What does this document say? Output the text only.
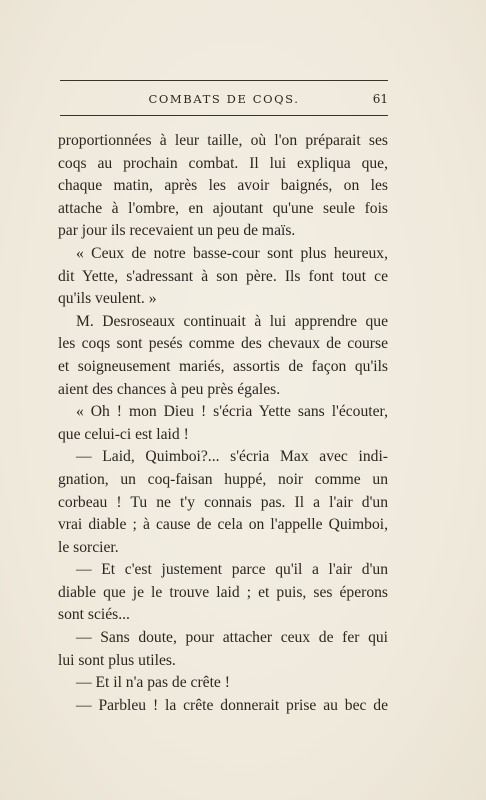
COMBATS DE COQS.	61
proportionnées à leur taille, où l'on préparait ses
coqs au prochain combat. Il lui expliqua que,
chaque matin, après les avoir baignés, on les
attache à l'ombre, en ajoutant qu'une seule fois
par jour ils recevaient un peu de maïs.
« Ceux de notre basse-cour sont plus heureux,
dit Yette, s'adressant à son père. Ils font tout ce
qu'ils veulent. »
M. Desroseaux continuait à lui apprendre que
les coqs sont pesés comme des chevaux de course
et soigneusement mariés, assortis de façon qu'ils
aient des chances à peu près égales.
« Oh ! mon Dieu ! s'écria Yette sans l'écouter,
que celui-ci est laid !
— Laid, Quimboi?... s'écria Max avec indi-
gnation, un coq-faisan huppé, noir comme un
corbeau ! Tu ne t'y connais pas. Il a l'air d'un
vrai diable ; à cause de cela on l'appelle Quimboi,
le sorcier.
— Et c'est justement parce qu'il a l'air d'un
diable que je le trouve laid ; et puis, ses éperons
sont sciés...
— Sans doute, pour attacher ceux de fer qui
lui sont plus utiles.
— Et il n'a pas de crête !
— Parbleu ! la crête donnerait prise au bec de
